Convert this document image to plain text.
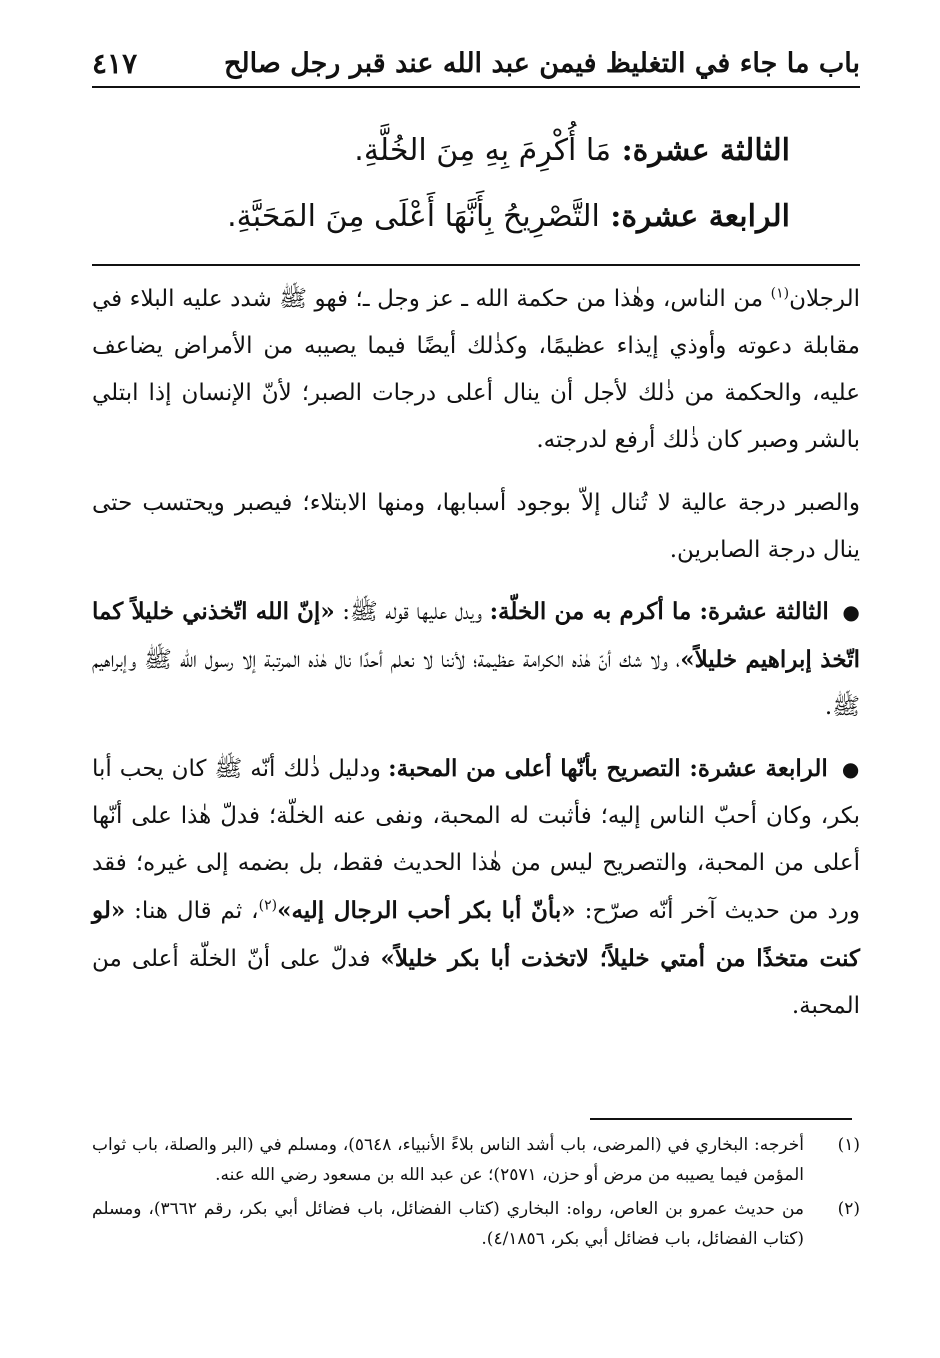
باب ما جاء في التغليظ فيمن عبد الله عند قبر رجل صالح
٤١٧
الثالثة عشرة: مَا أُكْرِمَ بِهِ مِنَ الخُلَّةِ.
الرابعة عشرة: التَّصْرِيحُ بِأَنَّهَا أَعْلَى مِنَ المَحَبَّةِ.

الرجلان$^{(١)}$ من الناس، وهٰذا من حكمة الله ـ عز وجل ـ؛ فهو ﷺ شدد عليه البلاء في مقابلة دعوته وأوذي إيذاء عظيمًا، وكذٰلك أيضًا فيما يصيبه من الأمراض يضاعف عليه، والحكمة من ذٰلك لأجل أن ينال أعلى درجات الصبر؛ لأنّ الإنسان إذا ابتلي بالشر وصبر كان ذٰلك أرفع لدرجته.

والصبر درجة عالية لا تُنال إلاّ بوجود أسبابها، ومنها الابتلاء؛ فيصبر ويحتسب حتى ينال درجة الصابرين.

● الثالثة عشرة: ما أكرم به من الخلّة: ويدل عليها قوله ﷺ: «إنّ الله اتّخذني خليلاً كما اتّخذ إبراهيم خليلاً»، ولا شك أنّ هٰذه الكرامة عظيمة؛ لأننا لا نعلم أحدًا نال هٰذه المرتبة إلا رسول الله ﷺ وإبراهيم ﷺ.

● الرابعة عشرة: التصريح بأنّها أعلى من المحبة: ودليل ذٰلك أنّه ﷺ كان يحب أبا بكر، وكان أحبّ الناس إليه؛ فأثبت له المحبة، ونفى عنه الخلّة؛ فدلّ هٰذا على أنّها أعلى من المحبة، والتصريح ليس من هٰذا الحديث فقط، بل بضمه إلى غيره؛ فقد ورد من حديث آخر أنّه صرّح: «بأنّ أبا بكر أحب الرجال إليه»$^{(٢)}$، ثم قال هنا: «لو كنت متخذًا من أمتي خليلاً؛ لاتخذت أبا بكر خليلاً» فدلّ على أنّ الخلّة أعلى من المحبة.

(١)
أخرجه: البخاري في (المرضى، باب أشد الناس بلاءً الأنبياء، ٥٦٤٨)، ومسلم في (البر والصلة، باب ثواب المؤمن فيما يصيبه من مرض أو حزن، ٢٥٧١)؛ عن عبد الله بن مسعود رضي الله عنه.
(٢)
من حديث عمرو بن العاص، رواه: البخاري (كتاب الفضائل، باب فضائل أبي بكر، رقم ٣٦٦٢)، ومسلم (كتاب الفضائل، باب فضائل أبي بكر، ٤/١٨٥٦).
